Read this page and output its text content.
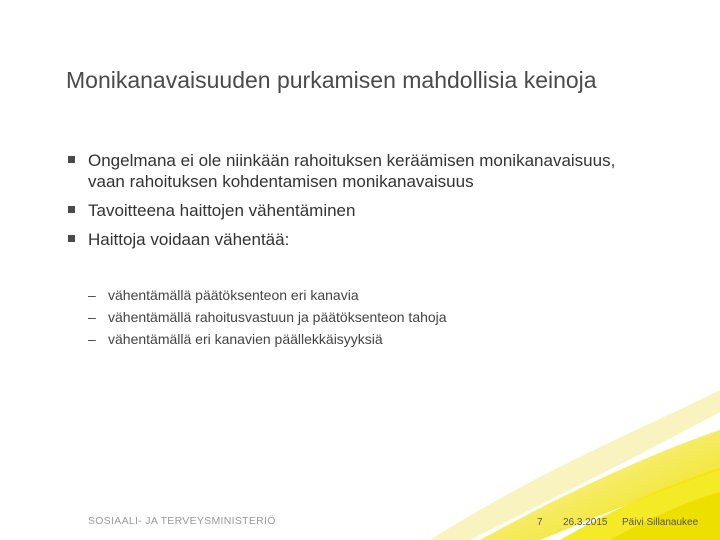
Monikanavaisuuden purkamisen mahdollisia keinoja
Ongelmana ei ole niinkään rahoituksen keräämisen monikanavaisuus, vaan rahoituksen kohdentamisen monikanavaisuus
Tavoitteena haittojen vähentäminen
Haittoja voidaan vähentää:
– vähentämällä päätöksenteon eri kanavia
– vähentämällä rahoitusvastuun ja päätöksenteon tahoja
– vähentämällä eri kanavien päällekkäisyyksiä
SOSIAALI- JA TERVEYSMINISTERIÖ	7 26.3.2015 Päivi Sillanaukee
